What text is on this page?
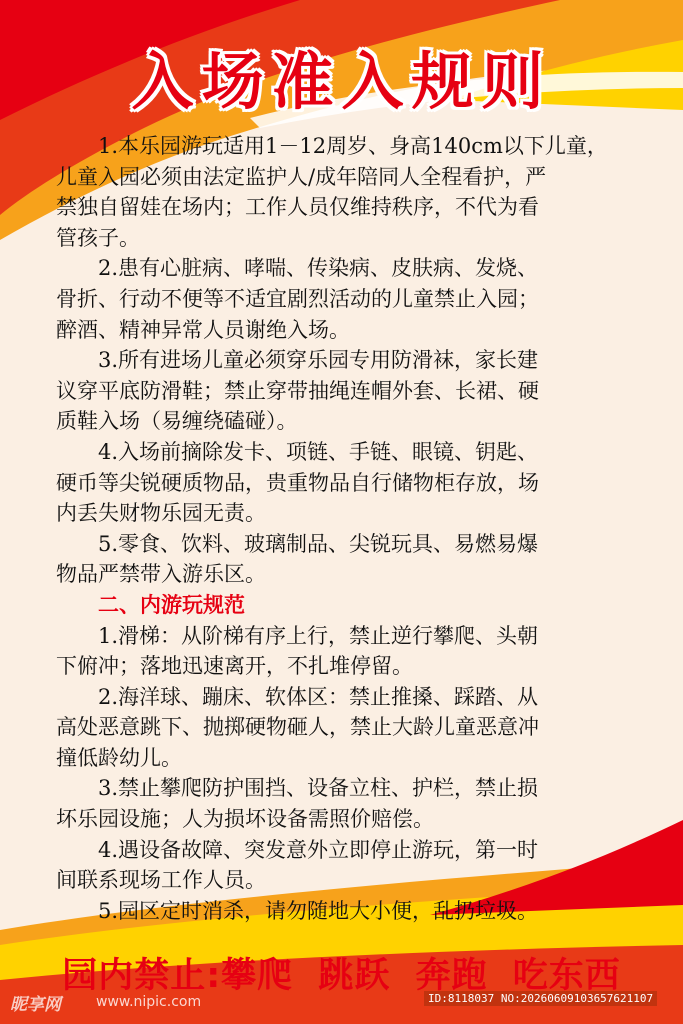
入场准入规则
1.本乐园游玩适用1－12周岁、身高140cm以下儿童，
儿童入园必须由法定监护人/成年陪同人全程看护，严
禁独自留娃在场内；工作人员仅维持秩序，不代为看
管孩子。
2.患有心脏病、哮喘、传染病、皮肤病、发烧、
骨折、行动不便等不适宜剧烈活动的儿童禁止入园；
醉酒、精神异常人员谢绝入场。
3.所有进场儿童必须穿乐园专用防滑袜，家长建
议穿平底防滑鞋；禁止穿带抽绳连帽外套、长裙、硬
质鞋入场（易缠绕磕碰）。
4.入场前摘除发卡、项链、手链、眼镜、钥匙、
硬币等尖锐硬质物品，贵重物品自行储物柜存放，场
内丢失财物乐园无责。
5.零食、饮料、玻璃制品、尖锐玩具、易燃易爆
物品严禁带入游乐区。
二、内游玩规范
1.滑梯：从阶梯有序上行，禁止逆行攀爬、头朝
下俯冲；落地迅速离开，不扎堆停留。
2.海洋球、蹦床、软体区：禁止推搡、踩踏、从
高处恶意跳下、抛掷硬物砸人，禁止大龄儿童恶意冲
撞低龄幼儿。
3.禁止攀爬防护围挡、设备立柱、护栏，禁止损
坏乐园设施；人为损坏设备需照价赔偿。
4.遇设备故障、突发意外立即停止游玩，第一时
间联系现场工作人员。
5.园区定时消杀，请勿随地大小便，乱扔垃圾。
园内禁止:攀爬 跳跃 奔跑 吃东西
昵享网	www.nipic.com	ID:8118037 NO:20260609103657621107
